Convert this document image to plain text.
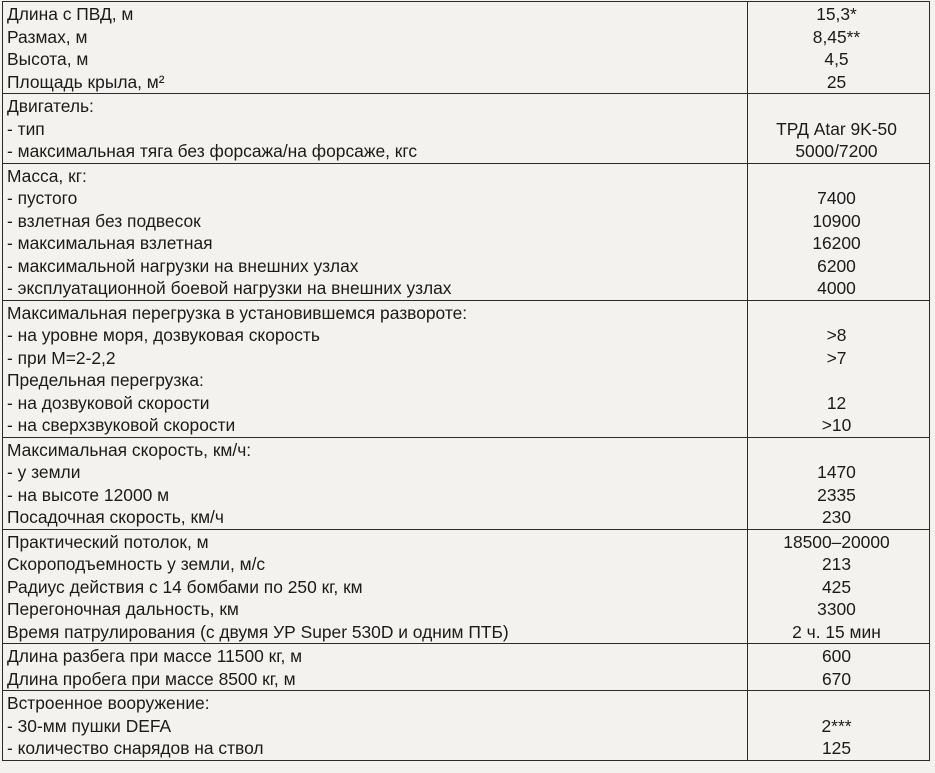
Длина с ПВД, м	15,3*
Размах, м	8,45**
Высота, м	4,5
Площадь крыла, м²	25
Двигатель:	
- тип	ТРД Atar 9K-50
- максимальная тяга без форсажа/на форсаже, кгс	5000/7200
Масса, кг:	
- пустого	7400
- взлетная без подвесок	10900
- максимальная взлетная	16200
- максимальной нагрузки на внешних узлах	6200
- эксплуатационной боевой нагрузки на внешних узлах	4000
Максимальная перегрузка в установившемся развороте:	
- на уровне моря, дозвуковая скорость	>8
- при М=2-2,2	>7
Предельная перегрузка:	
- на дозвуковой скорости	12
- на сверхзвуковой скорости	>10
Максимальная скорость, км/ч:	
- у земли	1470
- на высоте 12000 м	2335
Посадочная скорость, км/ч	230
Практический потолок, м	18500–20000
Скороподъемность у земли, м/с	213
Радиус действия с 14 бомбами по 250 кг, км	425
Перегоночная дальность, км	3300
Время патрулирования (с двумя УР Super 530D и одним ПТБ)	2 ч. 15 мин
Длина разбега при массе 11500 кг, м	600
Длина пробега при массе 8500 кг, м	670
Встроенное вооружение:	
- 30-мм пушки DEFA	2***
- количество снарядов на ствол	125
